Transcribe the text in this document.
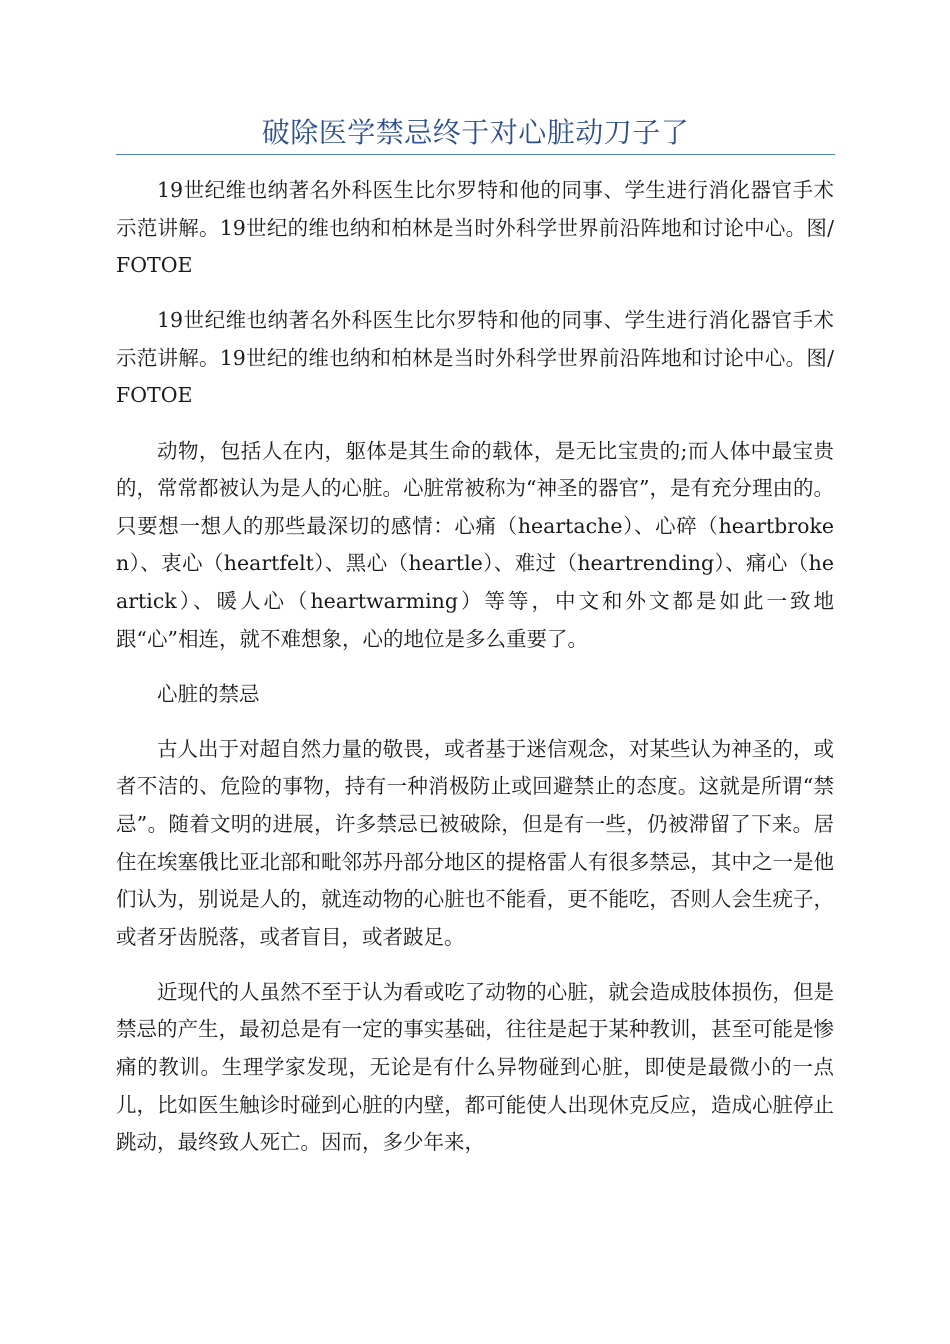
破除医学禁忌终于对心脏动刀子了

19世纪维也纳著名外科医生比尔罗特和他的同事、学生进行消化器官手术示范讲解。19世纪的维也纳和柏林是当时外科学世界前沿阵地和讨论中心。图/FOTOE

19世纪维也纳著名外科医生比尔罗特和他的同事、学生进行消化器官手术示范讲解。19世纪的维也纳和柏林是当时外科学世界前沿阵地和讨论中心。图/FOTOE

动物，包括人在内，躯体是其生命的载体，是无比宝贵的;而人体中最宝贵的，常常都被认为是人的心脏。心脏常被称为“神圣的器官”，是有充分理由的。只要想一想人的那些最深切的感情：心痛（heartache）、心碎（heartbroken）、衷心（heartfelt）、黑心（heartle）、难过（heartrending）、痛心（heartick）、暖人心（heartwarming）等等，中文和外文都是如此一致地跟“心”相连，就不难想象，心的地位是多么重要了。

心脏的禁忌

古人出于对超自然力量的敬畏，或者基于迷信观念，对某些认为神圣的，或者不洁的、危险的事物，持有一种消极防止或回避禁止的态度。这就是所谓“禁忌”。随着文明的进展，许多禁忌已被破除，但是有一些，仍被滞留了下来。居住在埃塞俄比亚北部和毗邻苏丹部分地区的提格雷人有很多禁忌，其中之一是他们认为，别说是人的，就连动物的心脏也不能看，更不能吃，否则人会生疣子，或者牙齿脱落，或者盲目，或者跛足。

近现代的人虽然不至于认为看或吃了动物的心脏，就会造成肢体损伤，但是禁忌的产生，最初总是有一定的事实基础，往往是起于某种教训，甚至可能是惨痛的教训。生理学家发现，无论是有什么异物碰到心脏，即使是最微小的一点儿，比如医生触诊时碰到心脏的内壁，都可能使人出现休克反应，造成心脏停止跳动，最终致人死亡。因而，多少年来，
